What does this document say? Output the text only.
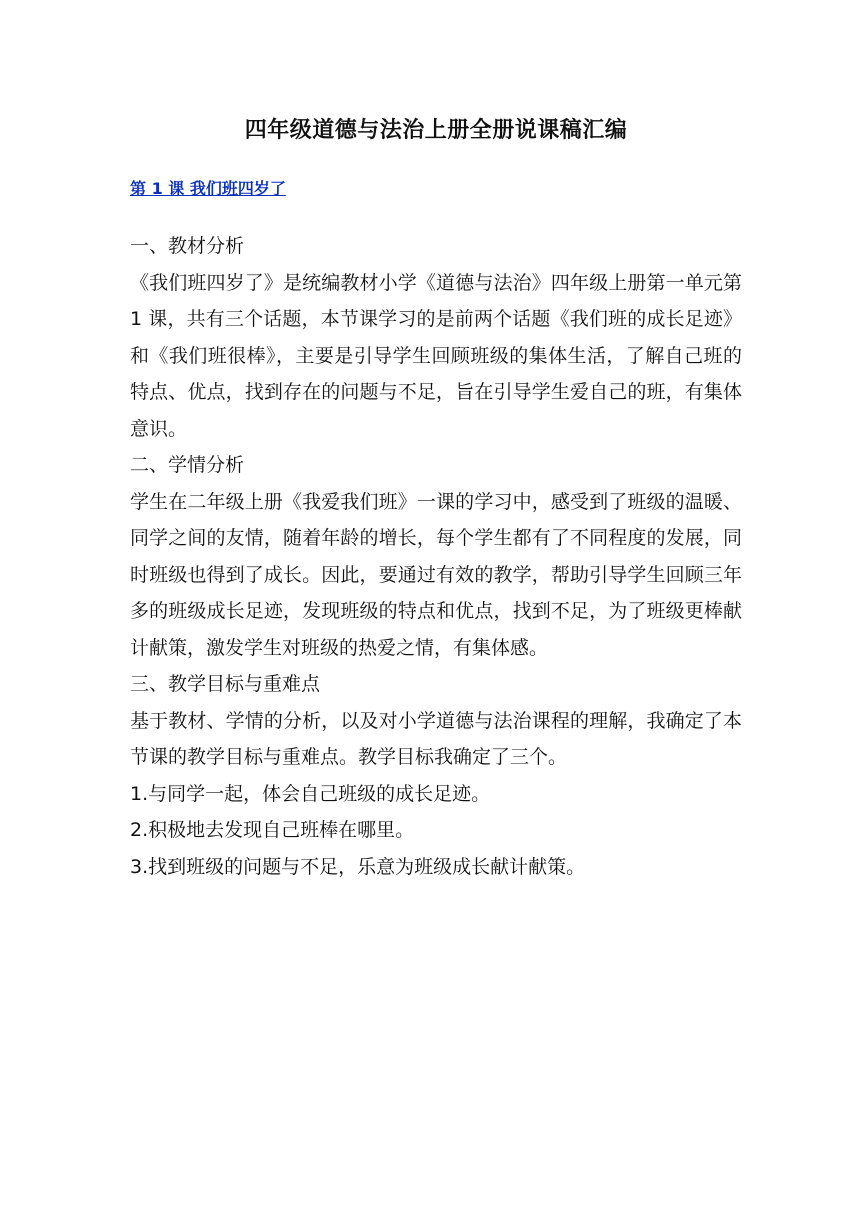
四年级道德与法治上册全册说课稿汇编
第 1 课 我们班四岁了

一、教材分析

《我们班四岁了》是统编教材小学《道德与法治》四年级上册第一单元第 1 课，共有三个话题，本节课学习的是前两个话题《我们班的成长足迹》和《我们班很棒》，主要是引导学生回顾班级的集体生活，了解自己班的特点、优点，找到存在的问题与不足，旨在引导学生爱自己的班，有集体意识。

二、学情分析

学生在二年级上册《我爱我们班》一课的学习中，感受到了班级的温暖、同学之间的友情，随着年龄的增长，每个学生都有了不同程度的发展，同时班级也得到了成长。因此，要通过有效的教学，帮助引导学生回顾三年多的班级成长足迹，发现班级的特点和优点，找到不足，为了班级更棒献计献策，激发学生对班级的热爱之情，有集体感。

三、教学目标与重难点

基于教材、学情的分析，以及对小学道德与法治课程的理解，我确定了本节课的教学目标与重难点。教学目标我确定了三个。

1.与同学一起，体会自己班级的成长足迹。

2.积极地去发现自己班棒在哪里。

3.找到班级的问题与不足，乐意为班级成长献计献策。
